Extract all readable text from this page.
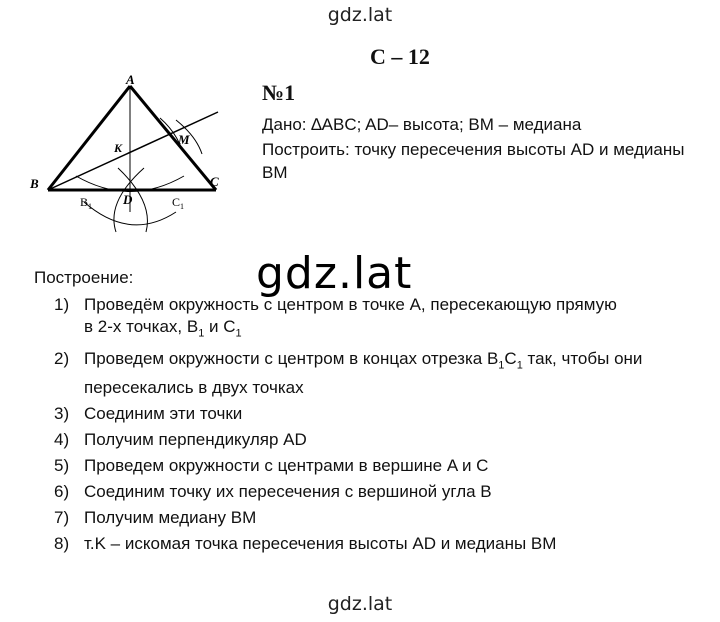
gdz.lat
С – 12
№1
Дано: ∆ABC; AD– высота; BM – медиана
Построить: точку пересечения высоты AD и медианы BM
A
B	C
D
K
M
$B_1$	$C_1$
gdz.lat
Построение:
1) Проведём окружность с центром в точке A, пересекающую прямую
в 2-х точках, $B_1$ и $C_1$
2) Проведем окружности с центром в концах отрезка $B_1C_1$ так, чтобы они
пересекались в двух точках
3) Соединим эти точки
4) Получим перпендикуляр AD
5) Проведем окружности с центрами в вершине A и C
6) Соединим точку их пересечения с вершиной угла B
7) Получим медиану BM
8) т.K – искомая точка пересечения высоты AD и медианы BM
gdz.lat
